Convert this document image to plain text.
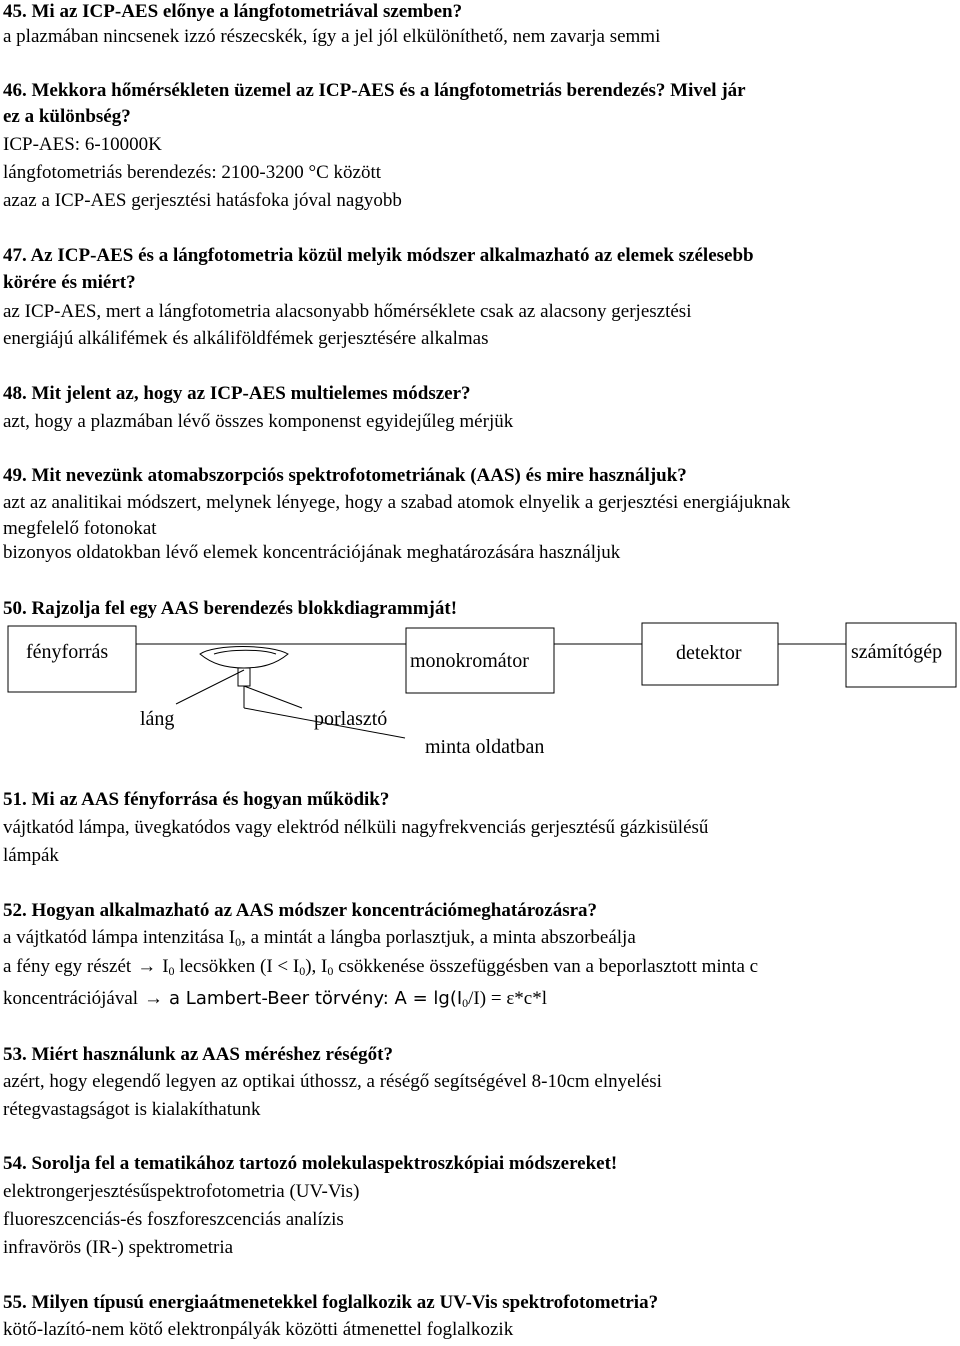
45. Mi az ICP-AES előnye a lángfotometriával szemben?
a plazmában nincsenek izzó részecskék, így a jel jól elkülöníthető, nem zavarja semmi
46. Mekkora hőmérsékleten üzemel az ICP-AES és a lángfotometriás berendezés? Mivel jár
ez a különbség?
ICP-AES: 6-10000K
lángfotometriás berendezés: 2100-3200 °C között
azaz a ICP-AES gerjesztési hatásfoka jóval nagyobb
47. Az ICP-AES és a lángfotometria közül melyik módszer alkalmazható az elemek szélesebb
körére és miért?
az ICP-AES, mert a lángfotometria alacsonyabb hőmérséklete csak az alacsony gerjesztési
energiájú alkálifémek és alkáliföldfémek gerjesztésére alkalmas
48. Mit jelent az, hogy az ICP-AES multielemes módszer?
azt, hogy a plazmában lévő összes komponenst egyidejűleg mérjük
49. Mit nevezünk atomabszorpciós spektrofotometriának (AAS) és mire használjuk?
azt az analitikai módszert, melynek lényege, hogy a szabad atomok elnyelik a gerjesztési energiájuknak
megfelelő fotonokat
bizonyos oldatokban lévő elemek koncentrációjának meghatározására használjuk
50. Rajzolja fel egy AAS berendezés blokkdiagrammját!
fényforrás	monokromátor	detektor	számítógép
láng	porlasztó
minta oldatban
51. Mi az AAS fényforrása és hogyan működik?
vájtkatód lámpa, üvegkatódos vagy elektród nélküli nagyfrekvenciás gerjesztésű gázkisülésű
lámpák
52. Hogyan alkalmazható az AAS módszer koncentrációmeghatározásra?
a vájtkatód lámpa intenzitása $I_0$, a mintát a lángba porlasztjuk, a minta abszorbeálja
a fény egy részét → $I_0$ lecsökken $(I < I_0)$, $I_0$ csökkenése összefüggésben van a beporlasztott minta c
koncentrációjával → a Lambert-Beer törvény: $A = \lg(I_0/I) = \varepsilon*c*l$
53. Miért használunk az AAS méréshez réségőt?
azért, hogy elegendő legyen az optikai úthossz, a réségő segítségével 8-10cm elnyelési
rétegvastagságot is kialakíthatunk
54. Sorolja fel a tematikához tartozó molekulaspektroszkópiai módszereket!
elektrongerjesztésűspektrofotometria (UV-Vis)
fluoreszcenciás-és foszforeszcenciás analízis
infravörös (IR-) spektrometria
55. Milyen típusú energiaátmenetekkel foglalkozik az UV-Vis spektrofotometria?
kötő-lazító-nem kötő elektronpályák közötti átmenettel foglalkozik
